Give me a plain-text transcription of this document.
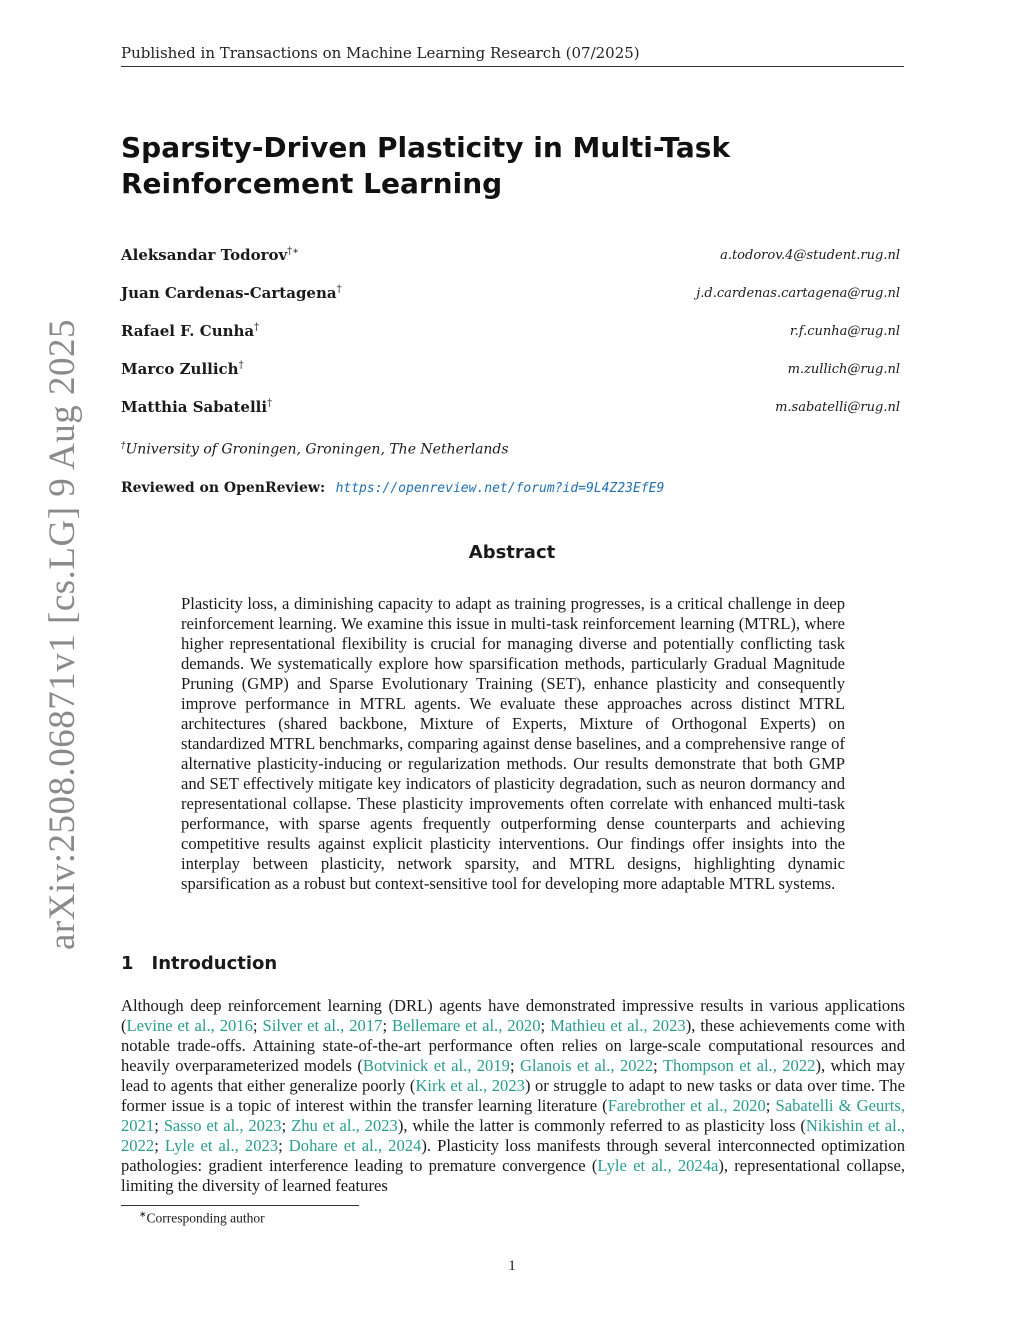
Published in Transactions on Machine Learning Research (07/2025)
arXiv:2508.06871v1 [cs.LG] 9 Aug 2025
Sparsity-Driven Plasticity in Multi-Task
Reinforcement Learning
Aleksandar Todorov†∗	a.todorov.4@student.rug.nl
Juan Cardenas-Cartagena†	j.d.cardenas.cartagena@rug.nl
Rafael F. Cunha†	r.f.cunha@rug.nl
Marco Zullich†	m.zullich@rug.nl
Matthia Sabatelli†	m.sabatelli@rug.nl
†University of Groningen, Groningen, The Netherlands
Reviewed on OpenReview: https://openreview.net/forum?id=9L4Z23EfE9
Abstract
Plasticity loss, a diminishing capacity to adapt as training progresses, is a critical challenge in deep reinforcement learning. We examine this issue in multi-task reinforcement learning (MTRL), where higher representational flexibility is crucial for managing diverse and potentially conflicting task demands. We systematically explore how sparsification methods, particularly Gradual Magnitude Pruning (GMP) and Sparse Evolutionary Training (SET), enhance plasticity and consequently improve performance in MTRL agents. We evaluate these approaches across distinct MTRL architectures (shared backbone, Mixture of Experts, Mixture of Orthogonal Experts) on standardized MTRL benchmarks, comparing against dense baselines, and a comprehensive range of alternative plasticity-inducing or regularization methods. Our results demonstrate that both GMP and SET effectively mitigate key indicators of plasticity degradation, such as neuron dormancy and representational collapse. These plasticity improvements often correlate with enhanced multi-task performance, with sparse agents frequently outperforming dense counterparts and achieving competitive results against explicit plasticity interventions. Our findings offer insights into the interplay between plasticity, network sparsity, and MTRL designs, highlighting dynamic sparsification as a robust but context-sensitive tool for developing more adaptable MTRL systems.
1 Introduction
Although deep reinforcement learning (DRL) agents have demonstrated impressive results in various applications (Levine et al., 2016; Silver et al., 2017; Bellemare et al., 2020; Mathieu et al., 2023), these achievements come with notable trade-offs. Attaining state-of-the-art performance often relies on large-scale computational resources and heavily overparameterized models (Botvinick et al., 2019; Glanois et al., 2022; Thompson et al., 2022), which may lead to agents that either generalize poorly (Kirk et al., 2023) or struggle to adapt to new tasks or data over time. The former issue is a topic of interest within the transfer learning literature (Farebrother et al., 2020; Sabatelli & Geurts, 2021; Sasso et al., 2023; Zhu et al., 2023), while the latter is commonly referred to as plasticity loss (Nikishin et al., 2022; Lyle et al., 2023; Dohare et al., 2024). Plasticity loss manifests through several interconnected optimization pathologies: gradient interference leading to premature convergence (Lyle et al., 2024a), representational collapse, limiting the diversity of learned features
∗Corresponding author
1
